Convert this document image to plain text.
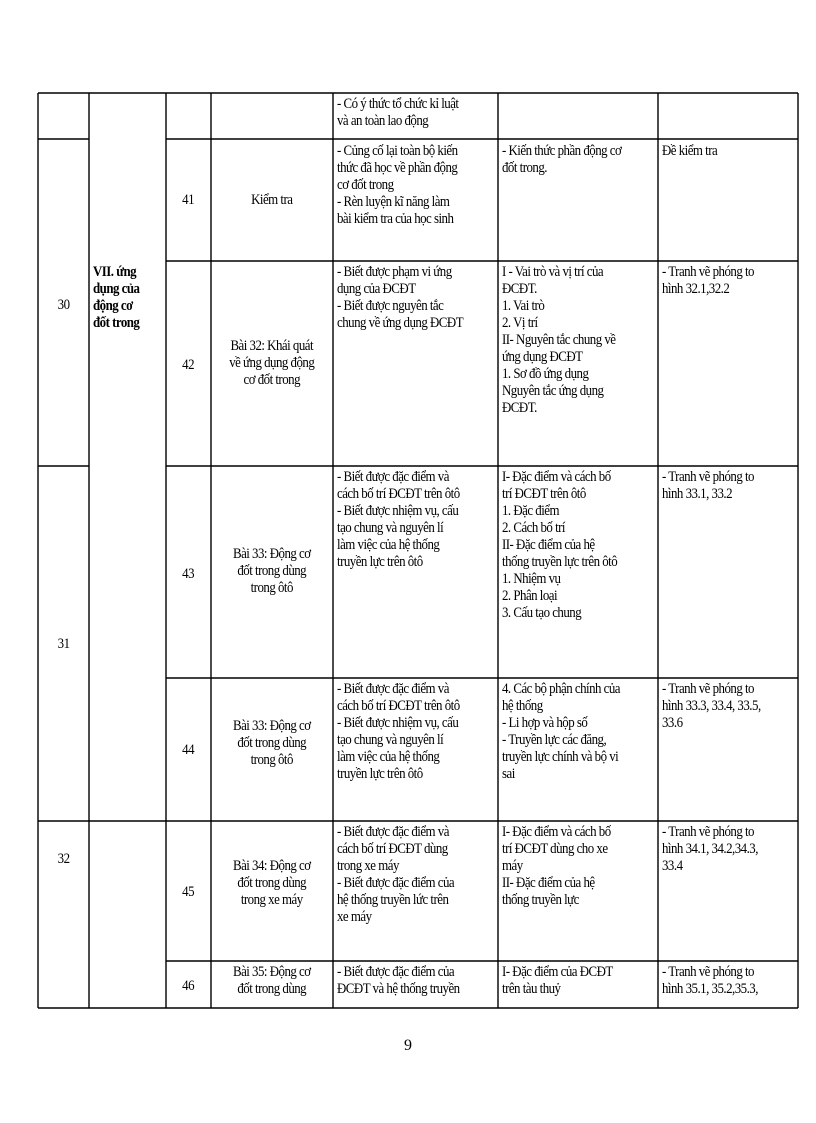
- Có ý thức tổ chức kỉ luật
và an toàn lao động
41	Kiểm tra
- Củng cố lại toàn bộ kiến
thức đã học về phần động
cơ đốt trong
- Rèn luyện kĩ năng làm
bài kiểm tra của học sinh
- Kiến thức phần động cơ
đốt trong.
Đề kiểm tra
30
VII. ứng
dụng của
động cơ
đốt trong
42
Bài 32: Khái quát
về ứng dụng động
cơ đốt trong
- Biết được phạm vi ứng
dụng của ĐCĐT
- Biết được nguyên tắc
chung về ứng dụng ĐCĐT
I - Vai trò và vị trí của
ĐCĐT.
1. Vai trò
2. Vị trí
II- Nguyên tắc chung về
ứng dụng ĐCĐT
1. Sơ đồ ứng dụng
Nguyên tắc ứng dụng
ĐCĐT.
- Tranh vẽ phóng to
hình 32.1,32.2
43
Bài 33: Động cơ
đốt trong dùng
trong ôtô
- Biết được đặc điểm và
cách bố trí ĐCĐT trên ôtô
- Biết được nhiệm vụ, cấu
tạo chung và nguyên lí
làm việc của hệ thống
truyền lực trên ôtô
I- Đặc điểm và cách bố
trí ĐCĐT trên ôtô
1. Đặc điểm
2. Cách bố trí
II- Đặc điểm của hệ
thống truyền lực trên ôtô
1. Nhiệm vụ
2. Phân loại
3. Cấu tạo chung
- Tranh vẽ phóng to
hình 33.1, 33.2
31
44
Bài 33: Động cơ
đốt trong dùng
trong ôtô
- Biết được đặc điểm và
cách bố trí ĐCĐT trên ôtô
- Biết được nhiệm vụ, cấu
tạo chung và nguyên lí
làm việc của hệ thống
truyền lực trên ôtô
4. Các bộ phận chính của
hệ thống
- Li hợp và hộp số
- Truyền lực các đăng,
truyền lực chính và bộ vi
sai
- Tranh vẽ phóng to
hình 33.3, 33.4, 33.5,
33.6
32
45
Bài 34: Động cơ
đốt trong dùng
trong xe máy
- Biết được đặc điểm và
cách bố trí ĐCĐT dùng
trong xe máy
- Biết được đặc điểm của
hệ thống truyền lức trên
xe máy
I- Đặc điểm và cách bố
trí ĐCĐT dùng cho xe
máy
II- Đặc điểm của hệ
thống truyền lực
- Tranh vẽ phóng to
hình 34.1, 34.2,34.3,
33.4
46
Bài 35: Động cơ
đốt trong dùng
- Biết được đặc điểm của
ĐCĐT và hệ thống truyền
I- Đặc điểm của ĐCĐT
trên tàu thuỷ
- Tranh vẽ phóng to
hình 35.1, 35.2,35.3,
9
